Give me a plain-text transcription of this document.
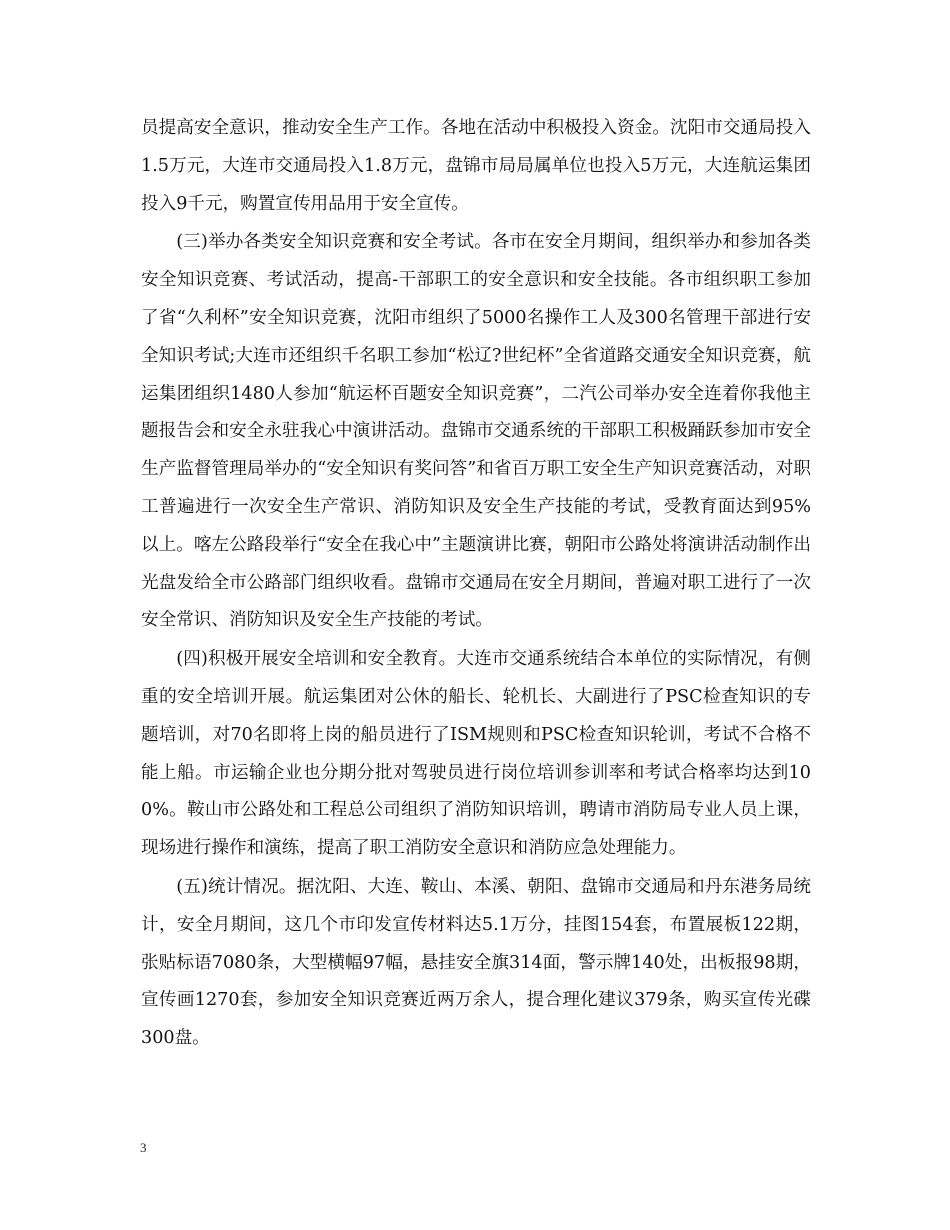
员提高安全意识，推动安全生产工作。各地在活动中积极投入资金。沈阳市交通局投入1.5万元，大连市交通局投入1.8万元，盘锦市局局属单位也投入5万元，大连航运集团投入9千元，购置宣传用品用于安全宣传。

(三)举办各类安全知识竞赛和安全考试。各市在安全月期间，组织举办和参加各类安全知识竞赛、考试活动，提高-干部职工的安全意识和安全技能。各市组织职工参加了省“久利杯”安全知识竞赛，沈阳市组织了5000名操作工人及300名管理干部进行安全知识考试;大连市还组织千名职工参加“松辽?世纪杯”全省道路交通安全知识竞赛，航运集团组织1480人参加“航运杯百题安全知识竞赛”，二汽公司举办安全连着你我他主题报告会和安全永驻我心中演讲活动。盘锦市交通系统的干部职工积极踊跃参加市安全生产监督管理局举办的“安全知识有奖问答”和省百万职工安全生产知识竞赛活动，对职工普遍进行一次安全生产常识、消防知识及安全生产技能的考试，受教育面达到95%以上。喀左公路段举行“安全在我心中”主题演讲比赛，朝阳市公路处将演讲活动制作出光盘发给全市公路部门组织收看。盘锦市交通局在安全月期间，普遍对职工进行了一次安全常识、消防知识及安全生产技能的考试。

(四)积极开展安全培训和安全教育。大连市交通系统结合本单位的实际情况，有侧重的安全培训开展。航运集团对公休的船长、轮机长、大副进行了PSC检查知识的专题培训，对70名即将上岗的船员进行了ISM规则和PSC检查知识轮训，考试不合格不能上船。市运输企业也分期分批对驾驶员进行岗位培训参训率和考试合格率均达到100%。鞍山市公路处和工程总公司组织了消防知识培训，聘请市消防局专业人员上课，现场进行操作和演练，提高了职工消防安全意识和消防应急处理能力。

(五)统计情况。据沈阳、大连、鞍山、本溪、朝阳、盘锦市交通局和丹东港务局统计，安全月期间，这几个市印发宣传材料达5.1万分，挂图154套，布置展板122期，张贴标语7080条，大型横幅97幅，悬挂安全旗314面，警示牌140处，出板报98期，宣传画1270套，参加安全知识竞赛近两万余人，提合理化建议379条，购买宣传光碟300盘。

3
